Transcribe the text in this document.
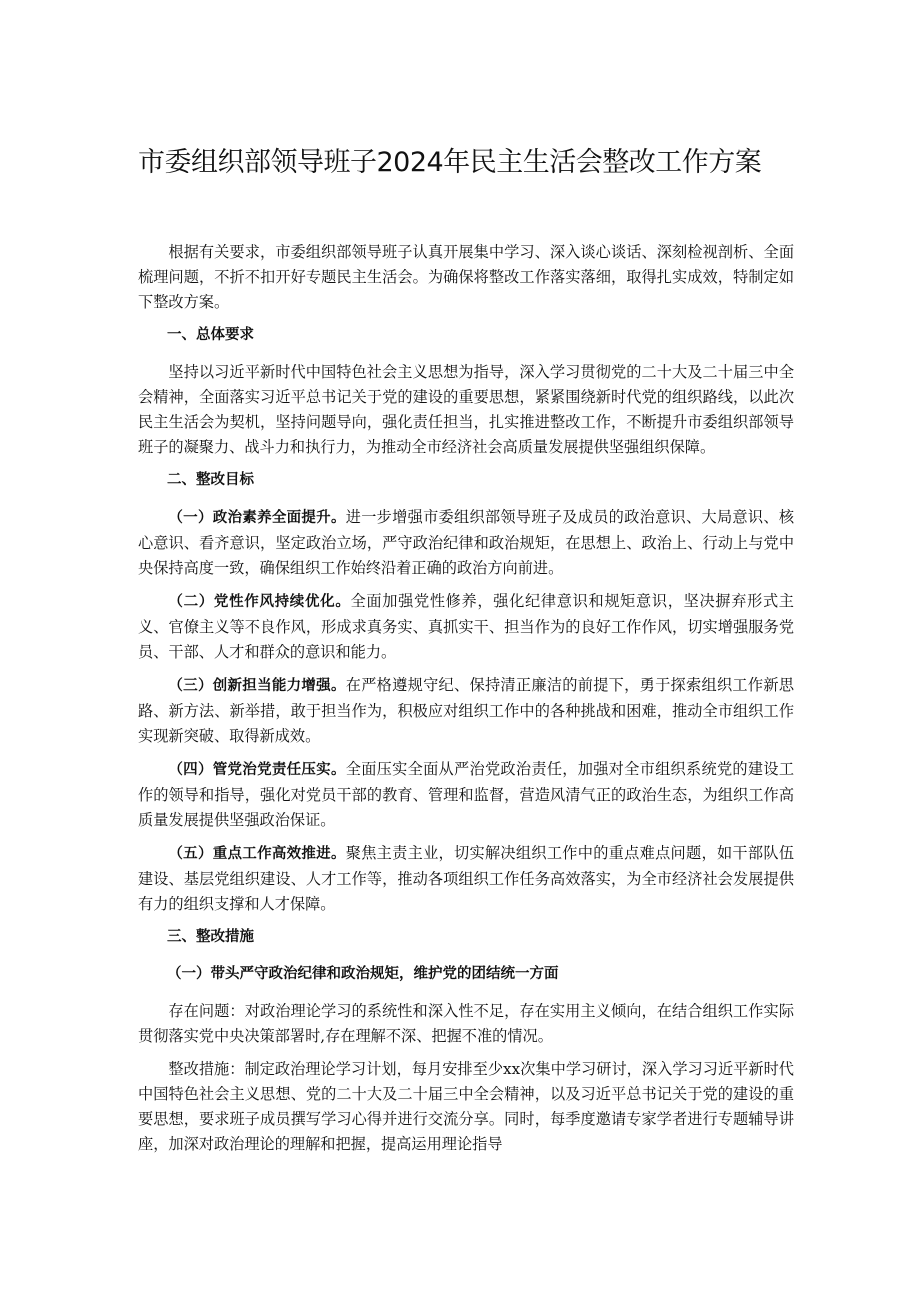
市委组织部领导班子2024年民主生活会整改工作方案

根据有关要求，市委组织部领导班子认真开展集中学习、深入谈心谈话、深刻检视剖析、全面梳理问题，不折不扣开好专题民主生活会。为确保将整改工作落实落细，取得扎实成效，特制定如下整改方案。

一、总体要求

坚持以习近平新时代中国特色社会主义思想为指导，深入学习贯彻党的二十大及二十届三中全会精神，全面落实习近平总书记关于党的建设的重要思想，紧紧围绕新时代党的组织路线，以此次民主生活会为契机，坚持问题导向，强化责任担当，扎实推进整改工作，不断提升市委组织部领导班子的凝聚力、战斗力和执行力，为推动全市经济社会高质量发展提供坚强组织保障。

二、整改目标

（一）政治素养全面提升。进一步增强市委组织部领导班子及成员的政治意识、大局意识、核心意识、看齐意识，坚定政治立场，严守政治纪律和政治规矩，在思想上、政治上、行动上与党中央保持高度一致，确保组织工作始终沿着正确的政治方向前进。

（二）党性作风持续优化。全面加强党性修养，强化纪律意识和规矩意识，坚决摒弃形式主义、官僚主义等不良作风，形成求真务实、真抓实干、担当作为的良好工作作风，切实增强服务党员、干部、人才和群众的意识和能力。

（三）创新担当能力增强。在严格遵规守纪、保持清正廉洁的前提下，勇于探索组织工作新思路、新方法、新举措，敢于担当作为，积极应对组织工作中的各种挑战和困难，推动全市组织工作实现新突破、取得新成效。

（四）管党治党责任压实。全面压实全面从严治党政治责任，加强对全市组织系统党的建设工作的领导和指导，强化对党员干部的教育、管理和监督，营造风清气正的政治生态，为组织工作高质量发展提供坚强政治保证。

（五）重点工作高效推进。聚焦主责主业，切实解决组织工作中的重点难点问题，如干部队伍建设、基层党组织建设、人才工作等，推动各项组织工作任务高效落实，为全市经济社会发展提供有力的组织支撑和人才保障。

三、整改措施

（一）带头严守政治纪律和政治规矩，维护党的团结统一方面

存在问题：对政治理论学习的系统性和深入性不足，存在实用主义倾向，在结合组织工作实际贯彻落实党中央决策部署时,存在理解不深、把握不准的情况。

整改措施：制定政治理论学习计划，每月安排至少xx次集中学习研讨，深入学习习近平新时代中国特色社会主义思想、党的二十大及二十届三中全会精神，以及习近平总书记关于党的建设的重要思想，要求班子成员撰写学习心得并进行交流分享。同时，每季度邀请专家学者进行专题辅导讲座，加深对政治理论的理解和把握，提高运用理论指导
